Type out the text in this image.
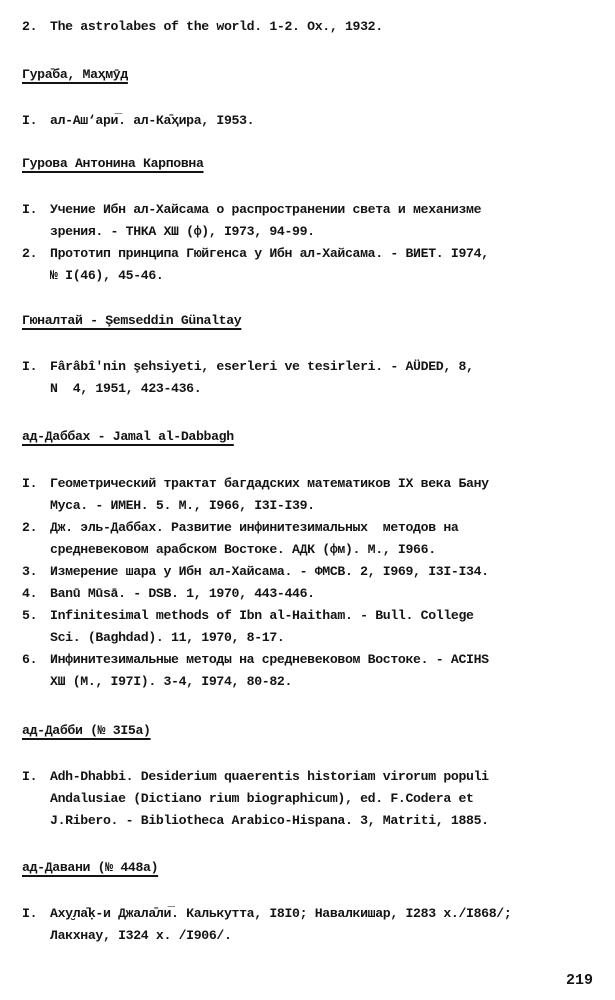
2. The astrolabes of the world. 1-2. Ox., 1932.
Гура̄ба, Маҳмӯд
I. ал-Аш‘ари̅. ал-Ка̄ҳира, I953.
Гурова Антонина Карповна
I. Учение Ибн ал-Хайсама о распространении света и механизме
зрения. - ТНКА XШ (ф), I973, 94-99.
2. Прототип принципа Гюйгенса у Ибн ал-Хайсама. - ВИЕТ. I974,
№ I(46), 45-46.
Гюналтай - Şemseddin Günaltay
I. Fârâbî'nin şehsiyeti, eserleri ve tesirleri. - AÜDED, 8,
N  4, 1951, 423-436.
ад-Даббах - Jamal al-Dabbagh
I. Геометрический трактат багдадских математиков IX века Бану
Муса. - ИМЕН. 5. М., I966, I3I-I39.
2. Дж. эль-Даббах. Развитие инфинитезимальных  методов на
средневековом арабском Востоке. АДК (фм). М., I966.
3. Измерение шара у Ибн ал-Хайсама. - ФМСВ. 2, I969, I3I-I34.
4. Banū Mūsā. - DSB. 1, 1970, 443-446.
5. Infinitesimal methods of Ibn al-Haitham. - Bull. College
Sci. (Baghdad). 11, 1970, 8-17.
6. Инфинитезимальные методы на средневековом Востоке. - ACIHS
XШ (М., I97I). 3-4, I974, 80-82.
ад-Дабби (№ 3I5a)
I. Adh-Dhabbi. Desiderium quaerentis historiam virorum populi
Andalusiae (Dictiano rium biographicum), ed. F.Codera et
J.Ribero. - Bibliotheca Arabico-Hispana. 3, Matriti, 1885.
ад-Давани (№ 448a)
I. Аху̮ла̄ḳ-и Джала̄ли̅. Калькутта, I8I0; Навалкишар, I283 х./I868/;
Лакхнау, I324 х. /I906/.
219
